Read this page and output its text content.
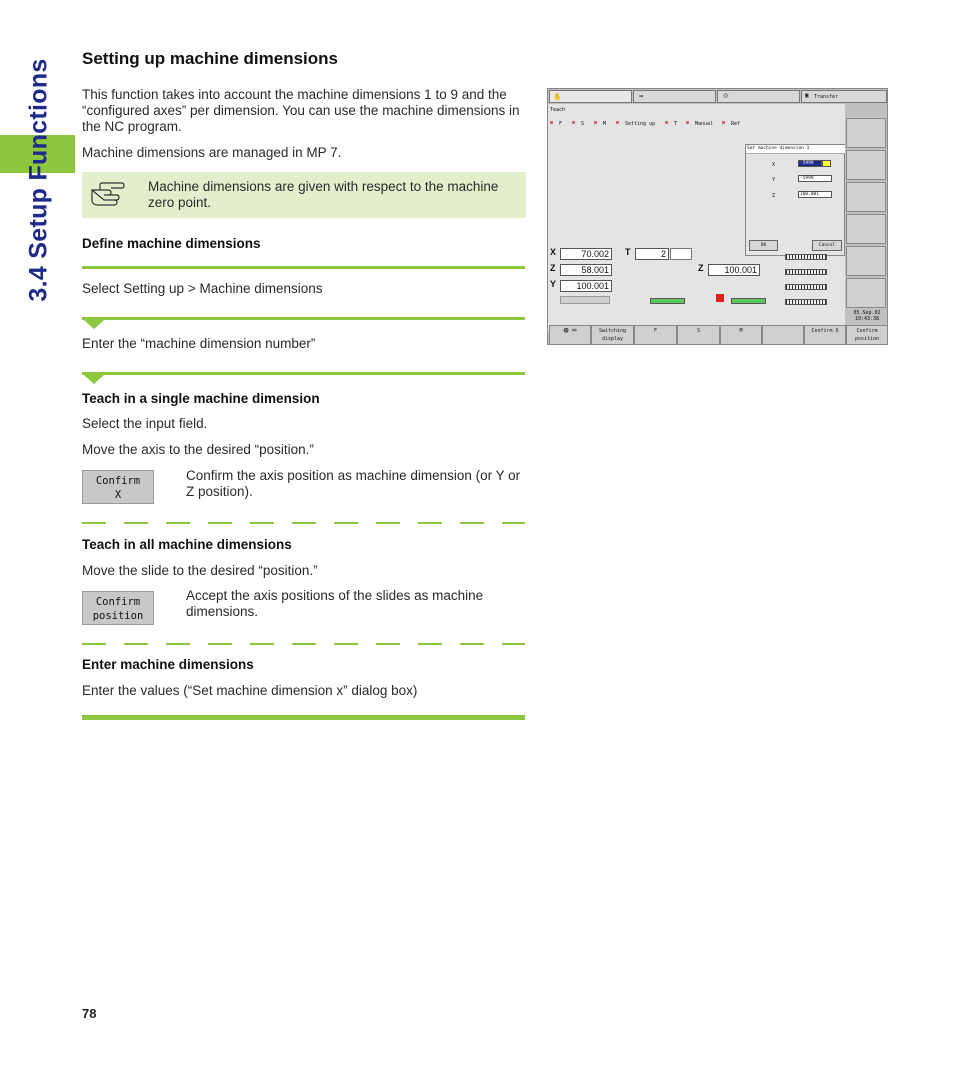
3.4 Setup Functions Setting up machine dimensions
This function takes into account the machine dimensions 1 to 9 and the “configured axes” per dimension. You can use the machine dimensions in the NC program.
Machine dimensions are managed in MP 7.
Machine dimensions are given with respect to the machine zero point.
Define machine dimensions
Select Setting up > Machine dimensions
Enter the “machine dimension number”
Teach in a single machine dimension
Select the input field.
Move the axis to the desired “position.”
Confirm
X
Confirm the axis position as machine dimension (or Y or Z position).
Teach in all machine dimensions
Move the slide to the desired “position.”
Confirm
position
Accept the axis positions of the slides as machine dimensions.
Enter machine dimensions
Enter the values (“Set machine dimension x” dialog box)
78
✋	⇛	⟐	▣ Transfer
Teach
⊞ F ⊞ S ⊞ M ⊞ Setting up ⊞ T ⊞ Manual ⊞ Ref
Set machine dimension 1
X	-5999
Y	-5999
Z	100.001
OK	Cancel
X	70.002
Z	58.001
Y	100.001
T	2
Z	100.001
05.Sep.02
10:43:38
⊕ ⌨	Switching display
F	S	M	Confirm X	Confirm position
